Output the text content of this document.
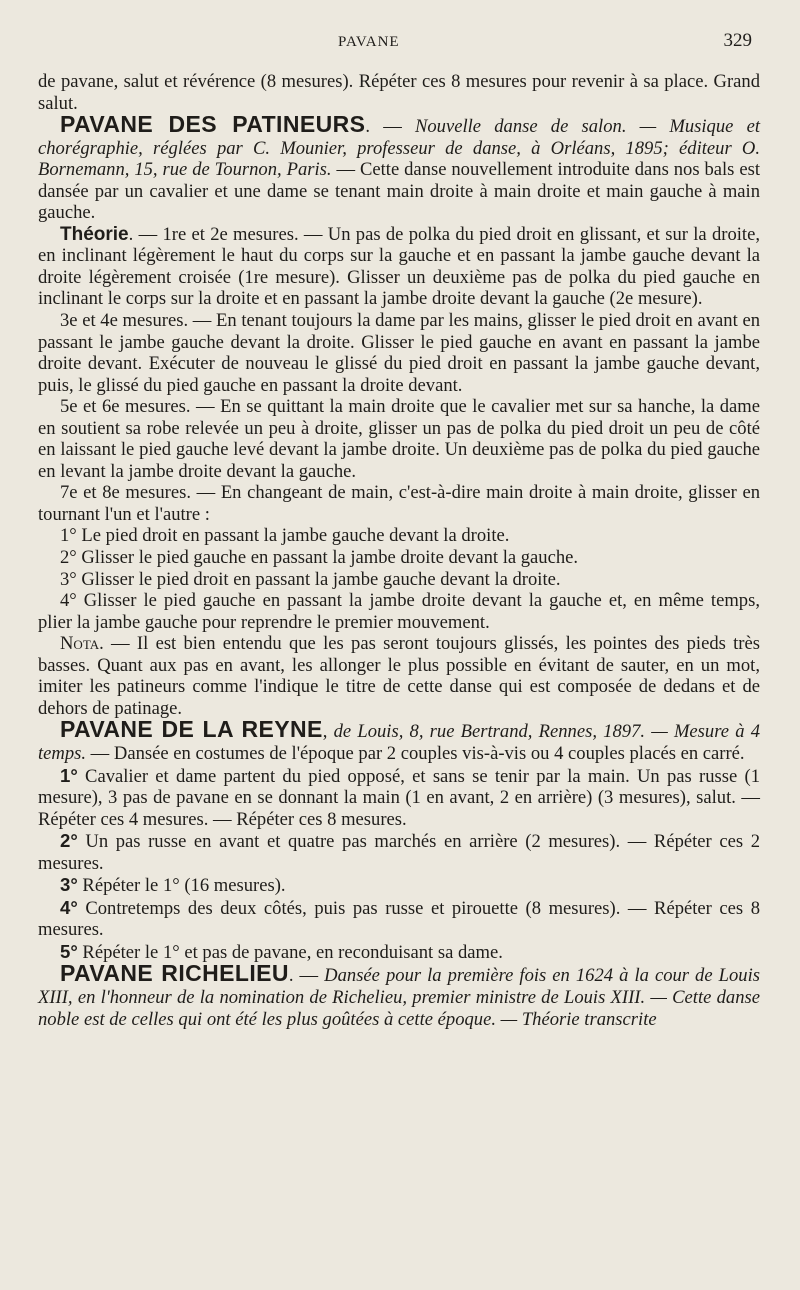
PAVANE	329

de pavane, salut et révérence (8 mesures). Répéter ces 8 mesures pour revenir à sa place. Grand salut.

PAVANE DES PATINEURS. — Nouvelle danse de salon. — Musique et chorégraphie, réglées par C. Mounier, professeur de danse, à Orléans, 1895; éditeur O. Bornemann, 15, rue de Tournon, Paris. — Cette danse nouvellement introduite dans nos bals est dansée par un cavalier et une dame se tenant main droite à main droite et main gauche à main gauche.

Théorie. — 1re et 2e mesures. — Un pas de polka du pied droit en glissant, et sur la droite, en inclinant légèrement le haut du corps sur la gauche et en passant la jambe gauche devant la droite légèrement croisée (1re mesure). Glisser un deuxième pas de polka du pied gauche en inclinant le corps sur la droite et en passant la jambe droite devant la gauche (2e mesure).

3e et 4e mesures. — En tenant toujours la dame par les mains, glisser le pied droit en avant en passant le jambe gauche devant la droite. Glisser le pied gauche en avant en passant la jambe droite devant. Exécuter de nouveau le glissé du pied droit en passant la jambe gauche devant, puis, le glissé du pied gauche en passant la droite devant.

5e et 6e mesures. — En se quittant la main droite que le cavalier met sur sa hanche, la dame en soutient sa robe relevée un peu à droite, glisser un pas de polka du pied droit un peu de côté en laissant le pied gauche levé devant la jambe droite. Un deuxième pas de polka du pied gauche en levant la jambe droite devant la gauche.

7e et 8e mesures. — En changeant de main, c'est-à-dire main droite à main droite, glisser en tournant l'un et l'autre :

1° Le pied droit en passant la jambe gauche devant la droite.

2° Glisser le pied gauche en passant la jambe droite devant la gauche.

3° Glisser le pied droit en passant la jambe gauche devant la droite.

4° Glisser le pied gauche en passant la jambe droite devant la gauche et, en même temps, plier la jambe gauche pour reprendre le premier mouvement.

Nota. — Il est bien entendu que les pas seront toujours glissés, les pointes des pieds très basses. Quant aux pas en avant, les allonger le plus possible en évitant de sauter, en un mot, imiter les patineurs comme l'indique le titre de cette danse qui est composée de dedans et de dehors de patinage.

PAVANE DE LA REYNE, de Louis, 8, rue Bertrand, Rennes, 1897. — Mesure à 4 temps. — Dansée en costumes de l'époque par 2 couples vis-à-vis ou 4 couples placés en carré.

1° Cavalier et dame partent du pied opposé, et sans se tenir par la main. Un pas russe (1 mesure), 3 pas de pavane en se donnant la main (1 en avant, 2 en arrière) (3 mesures), salut. — Répéter ces 4 mesures. — Répéter ces 8 mesures.

2° Un pas russe en avant et quatre pas marchés en arrière (2 mesures). — Répéter ces 2 mesures.

3° Répéter le 1° (16 mesures).

4° Contretemps des deux côtés, puis pas russe et pirouette (8 mesures). — Répéter ces 8 mesures.

5° Répéter le 1° et pas de pavane, en reconduisant sa dame.

PAVANE RICHELIEU. — Dansée pour la première fois en 1624 à la cour de Louis XIII, en l'honneur de la nomination de Richelieu, premier ministre de Louis XIII. — Cette danse noble est de celles qui ont été les plus goûtées à cette époque. — Théorie transcrite
